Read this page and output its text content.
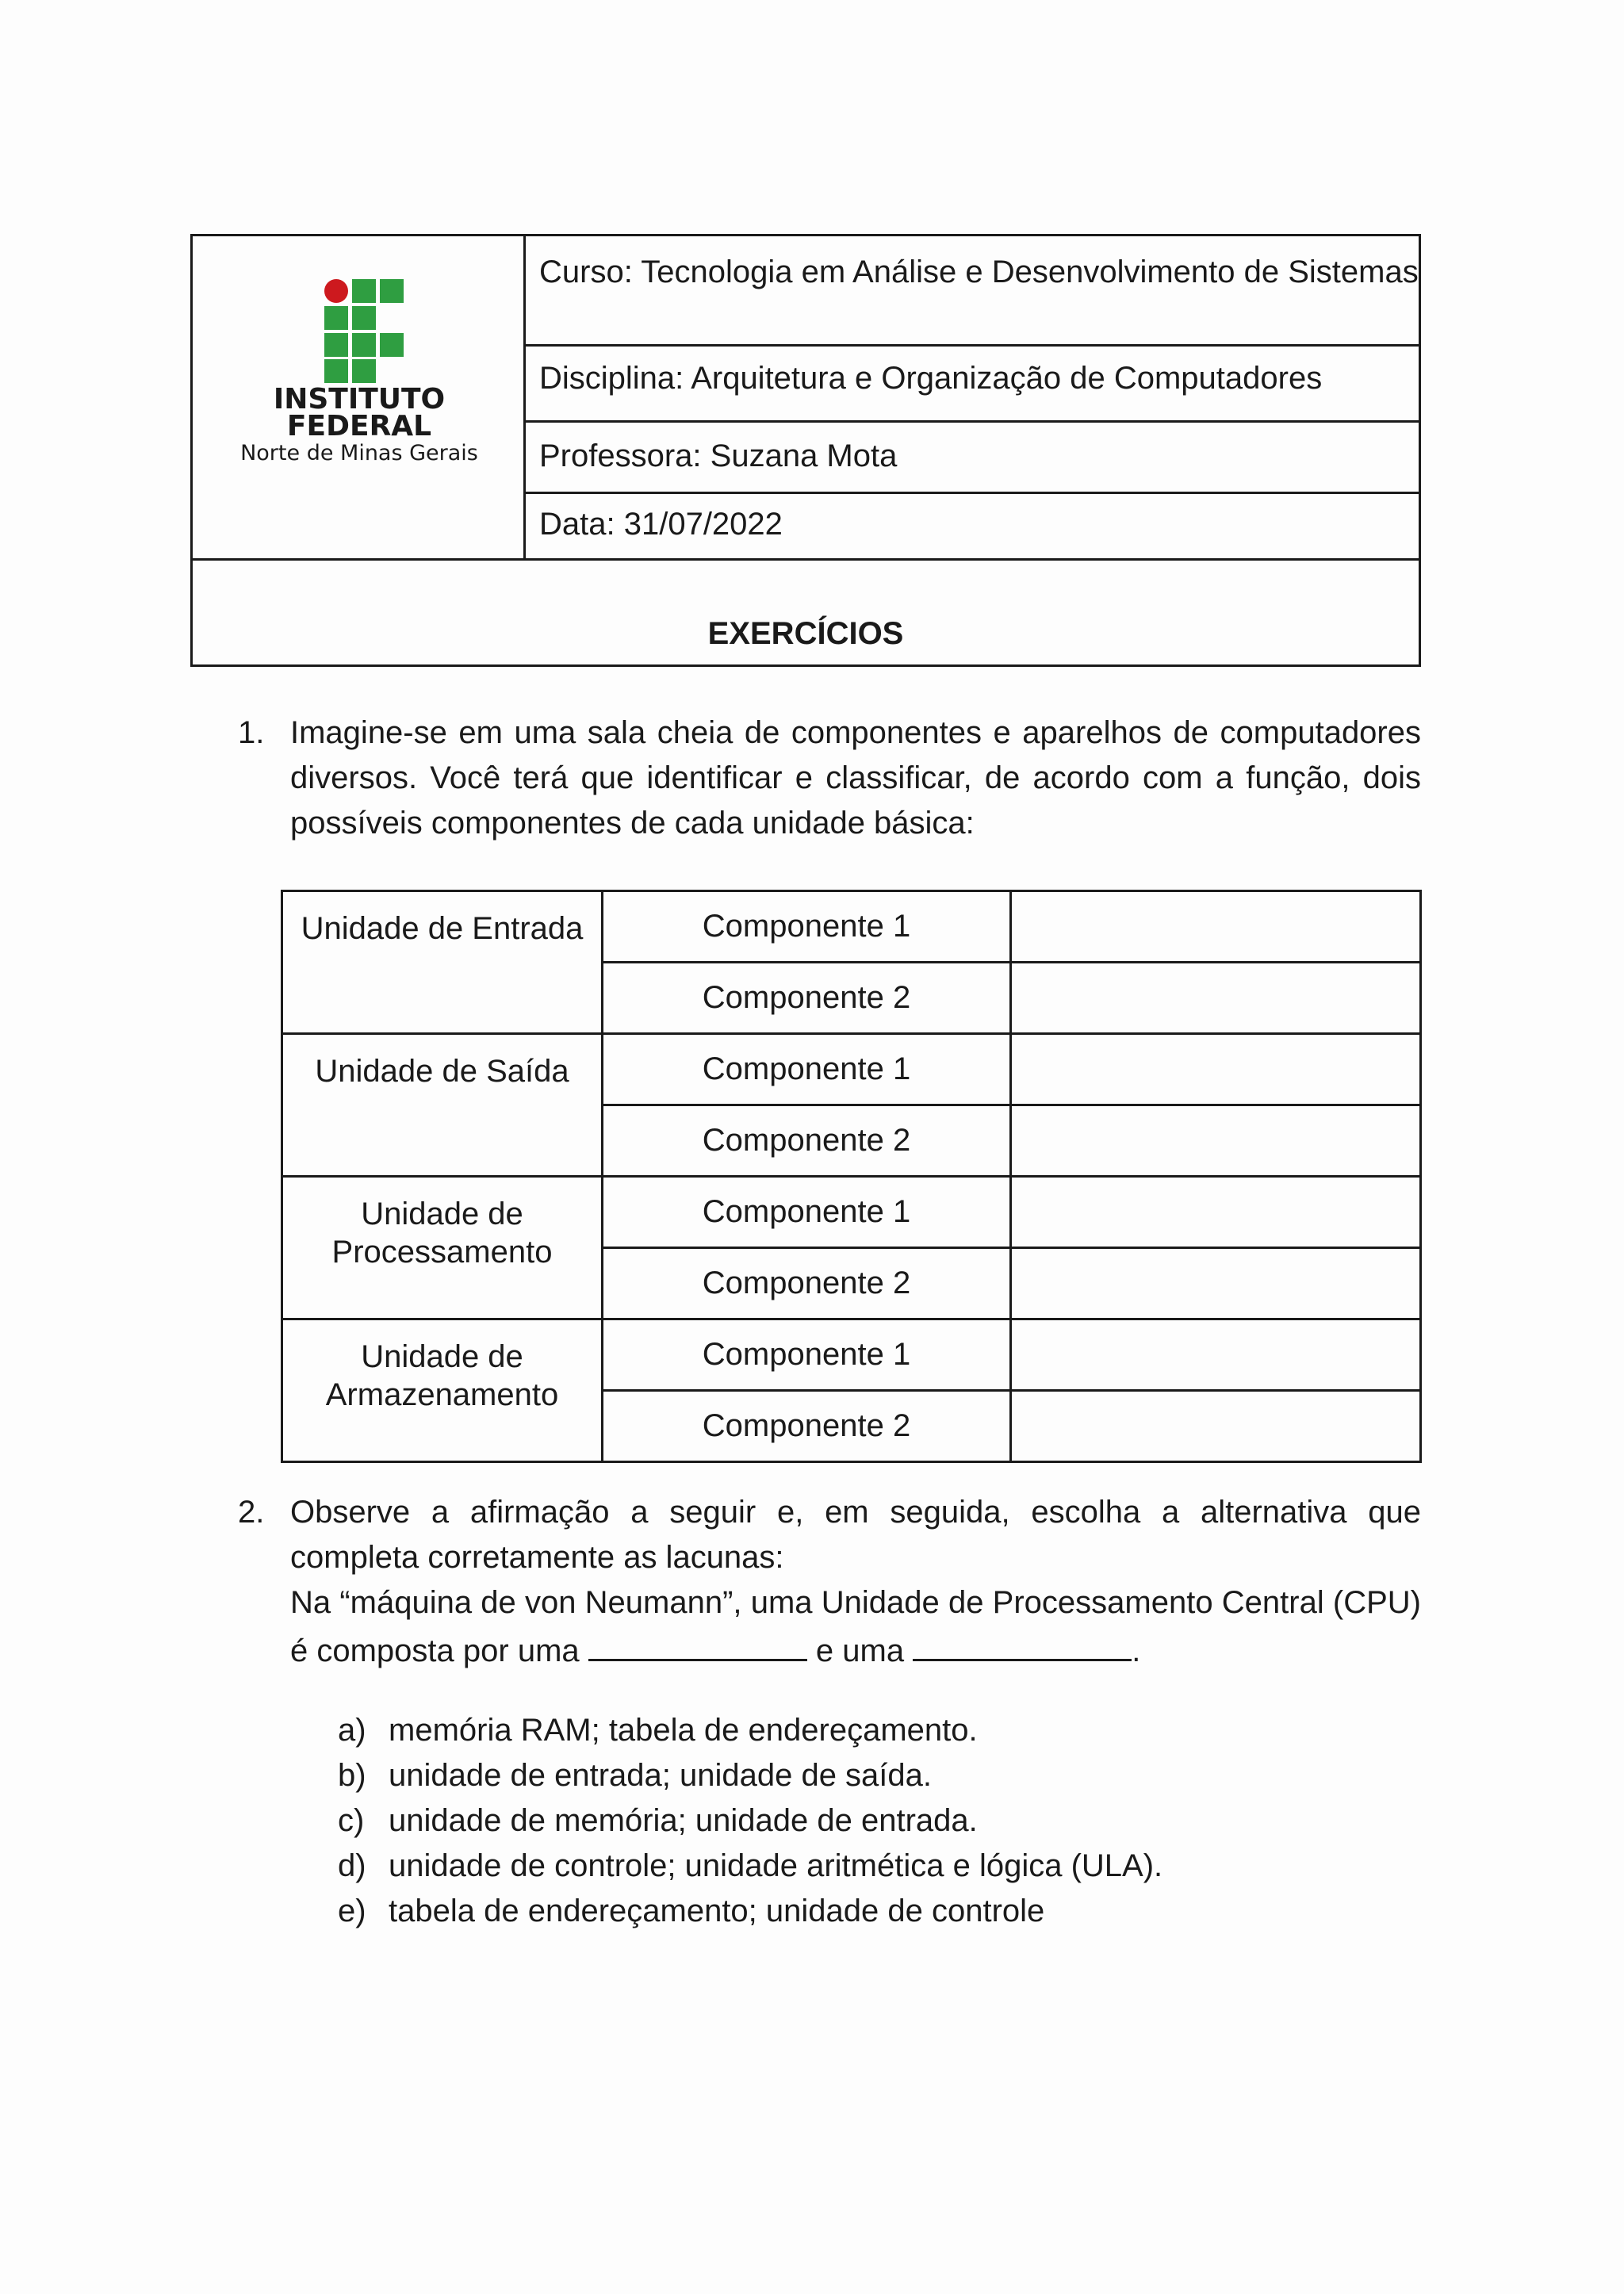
INSTITUTO
FEDERAL
Norte de Minas Gerais
Curso: Tecnologia em Análise e Desenvolvimento de Sistemas
Disciplina: Arquitetura e Organização de Computadores
Professora: Suzana Mota
Data: 31/07/2022
EXERCÍCIOS
1. Imagine-se em uma sala cheia de componentes e aparelhos de computadores diversos. Você terá que identificar e classificar, de acordo com a função, dois possíveis componentes de cada unidade básica:
Unidade de Entrada	Componente 1	
	Componente 2	
Unidade de Saída	Componente 1	
	Componente 2	
Unidade de Processamento	Componente 1	
	Componente 2	
Unidade de Armazenamento	Componente 1	
	Componente 2	
2. Observe a afirmação a seguir e, em seguida, escolha a alternativa que completa corretamente as lacunas:
Na “máquina de von Neumann”, uma Unidade de Processamento Central (CPU) é composta por uma	e uma	.
a) memória RAM; tabela de endereçamento.
b) unidade de entrada; unidade de saída.
c) unidade de memória; unidade de entrada.
d) unidade de controle; unidade aritmética e lógica (ULA).
e) tabela de endereçamento; unidade de controle
